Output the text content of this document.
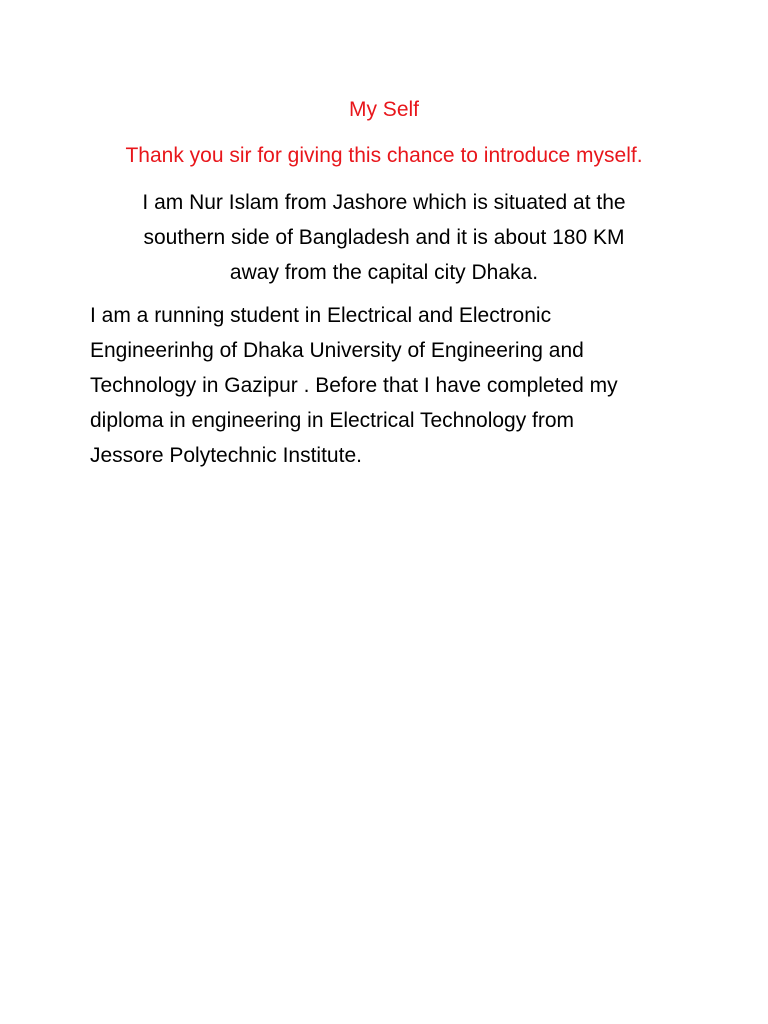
My Self
Thank you sir for giving this chance to introduce myself.
I am Nur Islam from Jashore which is situated at the
southern side of Bangladesh and it is about 180 KM
away from the capital city Dhaka.
I am a running student in Electrical and Electronic
Engineerinhg of Dhaka University of Engineering and
Technology in Gazipur . Before that I have completed my
diploma in engineering in Electrical Technology from
Jessore Polytechnic Institute.
